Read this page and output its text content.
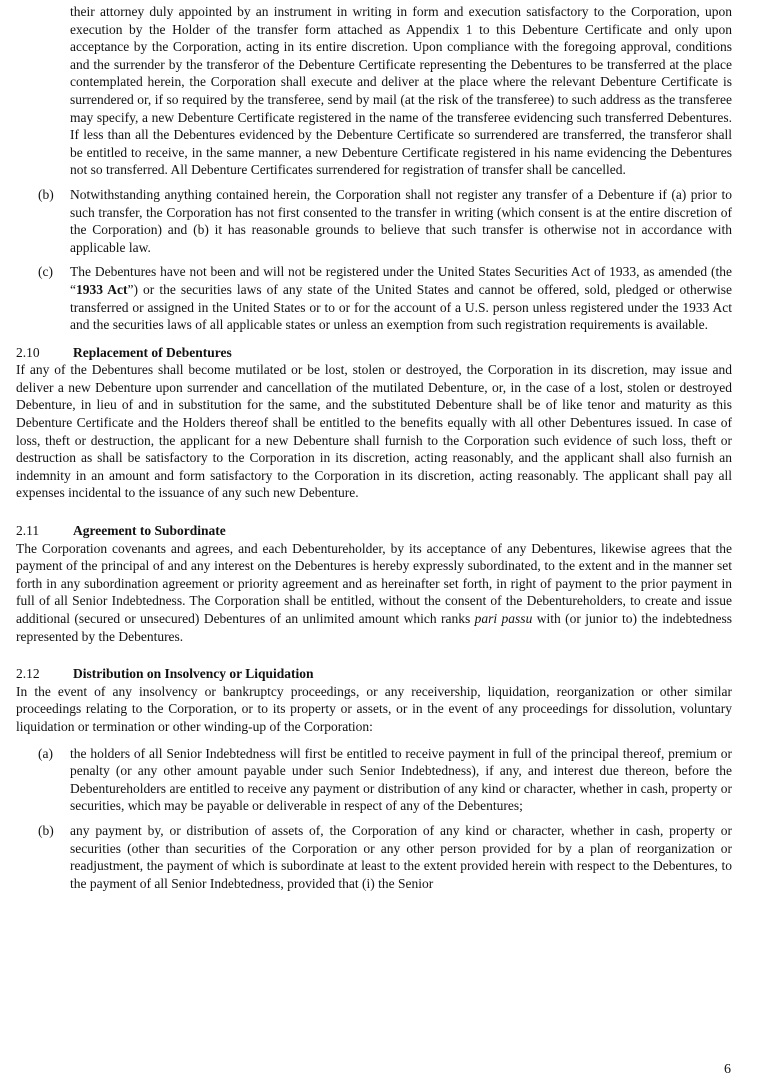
their attorney duly appointed by an instrument in writing in form and execution satisfactory to the Corporation, upon execution by the Holder of the transfer form attached as Appendix 1 to this Debenture Certificate and only upon acceptance by the Corporation, acting in its entire discretion. Upon compliance with the foregoing approval, conditions and the surrender by the transferor of the Debenture Certificate representing the Debentures to be transferred at the place contemplated herein, the Corporation shall execute and deliver at the place where the relevant Debenture Certificate is surrendered or, if so required by the transferee, send by mail (at the risk of the transferee) to such address as the transferee may specify, a new Debenture Certificate registered in the name of the transferee evidencing such transferred Debentures. If less than all the Debentures evidenced by the Debenture Certificate so surrendered are transferred, the transferor shall be entitled to receive, in the same manner, a new Debenture Certificate registered in his name evidencing the Debentures not so transferred. All Debenture Certificates surrendered for registration of transfer shall be cancelled.

(b) Notwithstanding anything contained herein, the Corporation shall not register any transfer of a Debenture if (a) prior to such transfer, the Corporation has not first consented to the transfer in writing (which consent is at the entire discretion of the Corporation) and (b) it has reasonable grounds to believe that such transfer is otherwise not in accordance with applicable law.
(c) The Debentures have not been and will not be registered under the United States Securities Act of 1933, as amended (the “1933 Act”) or the securities laws of any state of the United States and cannot be offered, sold, pledged or otherwise transferred or assigned in the United States or to or for the account of a U.S. person unless registered under the 1933 Act and the securities laws of all applicable states or unless an exemption from such registration requirements is available.
2.10 Replacement of Debentures

If any of the Debentures shall become mutilated or be lost, stolen or destroyed, the Corporation in its discretion, may issue and deliver a new Debenture upon surrender and cancellation of the mutilated Debenture, or, in the case of a lost, stolen or destroyed Debenture, in lieu of and in substitution for the same, and the substituted Debenture shall be of like tenor and maturity as this Debenture Certificate and the Holders thereof shall be entitled to the benefits equally with all other Debentures issued. In case of loss, theft or destruction, the applicant for a new Debenture shall furnish to the Corporation such evidence of such loss, theft or destruction as shall be satisfactory to the Corporation in its discretion, acting reasonably, and the applicant shall also furnish an indemnity in an amount and form satisfactory to the Corporation in its discretion, acting reasonably. The applicant shall pay all expenses incidental to the issuance of any such new Debenture.

2.11	Agreement to Subordinate

The Corporation covenants and agrees, and each Debentureholder, by its acceptance of any Debentures, likewise agrees that the payment of the principal of and any interest on the Debentures is hereby expressly subordinated, to the extent and in the manner set forth in any subordination agreement or priority agreement and as hereinafter set forth, in right of payment to the prior payment in full of all Senior Indebtedness. The Corporation shall be entitled, without the consent of the Debentureholders, to create and issue additional (secured or unsecured) Debentures of an unlimited amount which ranks pari passu with (or junior to) the indebtedness represented by the Debentures.

2.12 Distribution on Insolvency or Liquidation

In the event of any insolvency or bankruptcy proceedings, or any receivership, liquidation, reorganization or other similar proceedings relating to the Corporation, or to its property or assets, or in the event of any proceedings for dissolution, voluntary liquidation or termination or other winding-up of the Corporation:

(a) the holders of all Senior Indebtedness will first be entitled to receive payment in full of the principal thereof, premium or penalty (or any other amount payable under such Senior Indebtedness), if any, and interest due thereon, before the Debentureholders are entitled to receive any payment or distribution of any kind or character, whether in cash, property or securities, which may be payable or deliverable in respect of any of the Debentures;
(b) any payment by, or distribution of assets of, the Corporation of any kind or character, whether in cash, property or securities (other than securities of the Corporation or any other person provided for by a plan of reorganization or readjustment, the payment of which is subordinate at least to the extent provided herein with respect to the Debentures, to the payment of all Senior Indebtedness, provided that (i) the Senior
6
